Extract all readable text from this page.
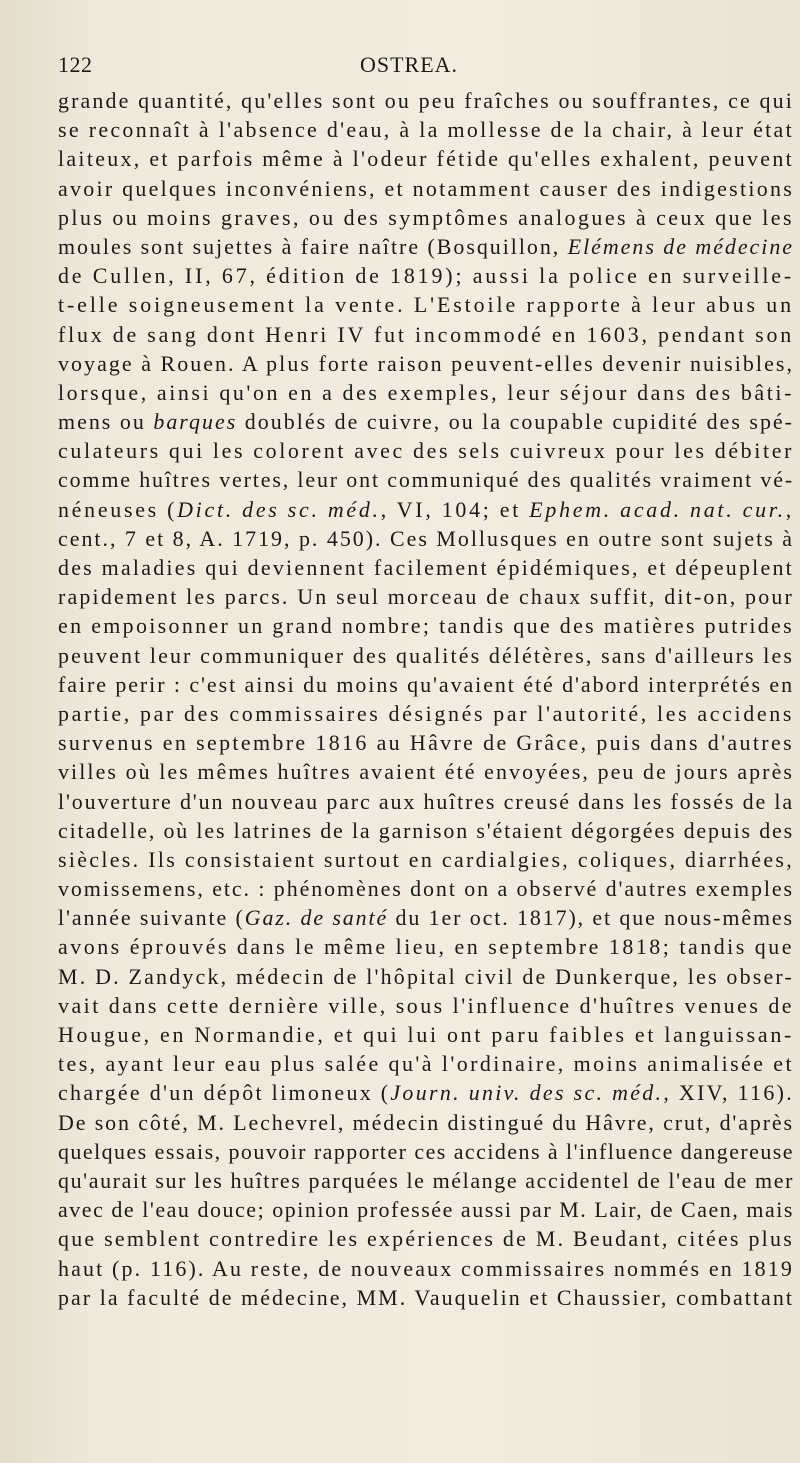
122	OSTREA.
grande quantité, qu'elles sont ou peu fraîches ou souffrantes, ce qui
se reconnaît à l'absence d'eau, à la mollesse de la chair, à leur état
laiteux, et parfois même à l'odeur fétide qu'elles exhalent, peuvent
avoir quelques inconvéniens, et notamment causer des indigestions
plus ou moins graves, ou des symptômes analogues à ceux que les
moules sont sujettes à faire naître (Bosquillon, Elémens de médecine
de Cullen, II, 67, édition de 1819); aussi la police en surveille-
t-elle soigneusement la vente. L'Estoile rapporte à leur abus un
flux de sang dont Henri IV fut incommodé en 1603, pendant son
voyage à Rouen. A plus forte raison peuvent-elles devenir nuisibles,
lorsque, ainsi qu'on en a des exemples, leur séjour dans des bâti-
mens ou barques doublés de cuivre, ou la coupable cupidité des spé-
culateurs qui les colorent avec des sels cuivreux pour les débiter
comme huîtres vertes, leur ont communiqué des qualités vraiment vé-
néneuses (Dict. des sc. méd., VI, 104; et Ephem. acad. nat. cur.,
cent., 7 et 8, A. 1719, p. 450). Ces Mollusques en outre sont sujets à
des maladies qui deviennent facilement épidémiques, et dépeuplent
rapidement les parcs. Un seul morceau de chaux suffit, dit-on, pour
en empoisonner un grand nombre; tandis que des matières putrides
peuvent leur communiquer des qualités délétères, sans d'ailleurs les
faire perir : c'est ainsi du moins qu'avaient été d'abord interprétés en
partie, par des commissaires désignés par l'autorité, les accidens
survenus en septembre 1816 au Hâvre de Grâce, puis dans d'autres
villes où les mêmes huîtres avaient été envoyées, peu de jours après
l'ouverture d'un nouveau parc aux huîtres creusé dans les fossés de la
citadelle, où les latrines de la garnison s'étaient dégorgées depuis des
siècles. Ils consistaient surtout en cardialgies, coliques, diarrhées,
vomissemens, etc. : phénomènes dont on a observé d'autres exemples
l'année suivante (Gaz. de santé du 1er oct. 1817), et que nous-mêmes
avons éprouvés dans le même lieu, en septembre 1818; tandis que
M. D. Zandyck, médecin de l'hôpital civil de Dunkerque, les obser-
vait dans cette dernière ville, sous l'influence d'huîtres venues de
Hougue, en Normandie, et qui lui ont paru faibles et languissan-
tes, ayant leur eau plus salée qu'à l'ordinaire, moins animalisée et
chargée d'un dépôt limoneux (Journ. univ. des sc. méd., XIV, 116).
De son côté, M. Lechevrel, médecin distingué du Hâvre, crut, d'après
quelques essais, pouvoir rapporter ces accidens à l'influence dangereuse
qu'aurait sur les huîtres parquées le mélange accidentel de l'eau de mer
avec de l'eau douce; opinion professée aussi par M. Lair, de Caen, mais
que semblent contredire les expériences de M. Beudant, citées plus
haut (p. 116). Au reste, de nouveaux commissaires nommés en 1819
par la faculté de médecine, MM. Vauquelin et Chaussier, combattant
